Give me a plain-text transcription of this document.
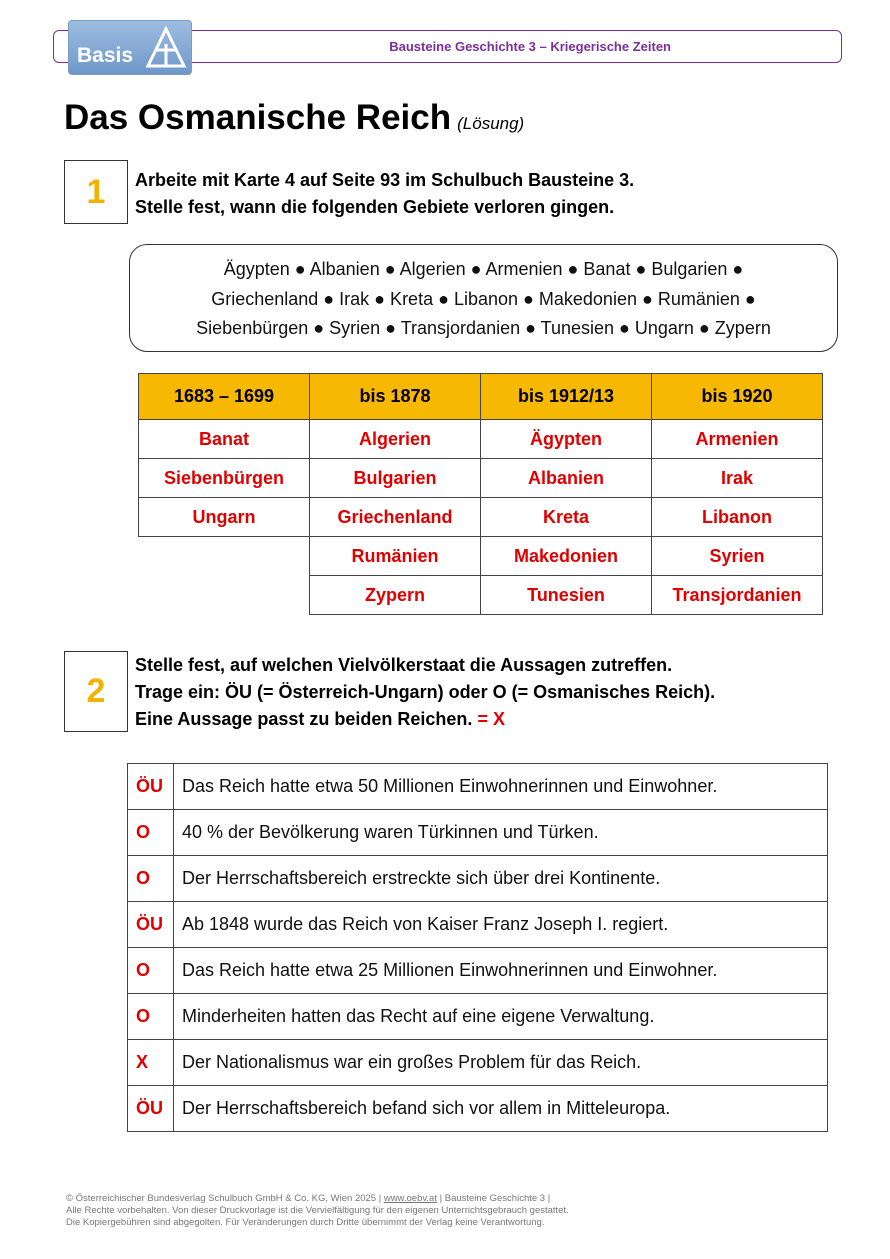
Bausteine Geschichte 3 – Kriegerische Zeiten
Basis
Das Osmanische Reich (Lösung)
1	Arbeite mit Karte 4 auf Seite 93 im Schulbuch Bausteine 3.
Stelle fest, wann die folgenden Gebiete verloren gingen.
Ägypten ● Albanien ● Algerien ● Armenien ● Banat ● Bulgarien ●
Griechenland ● Irak ● Kreta ● Libanon ● Makedonien ● Rumänien ●
Siebenbürgen ● Syrien ● Transjordanien ● Tunesien ● Ungarn ● Zypern
1683 – 1699	bis 1878	bis 1912/13	bis 1920
Banat	Algerien	Ägypten	Armenien
Siebenbürgen	Bulgarien	Albanien	Irak
Ungarn	Griechenland	Kreta	Libanon
	Rumänien	Makedonien	Syrien
	Zypern	Tunesien	Transjordanien
2
Stelle fest, auf welchen Vielvölkerstaat die Aussagen zutreffen.
Trage ein: ÖU (= Österreich-Ungarn) oder O (= Osmanisches Reich).
Eine Aussage passt zu beiden Reichen. = X
ÖU	Das Reich hatte etwa 50 Millionen Einwohnerinnen und Einwohner.
O	40 % der Bevölkerung waren Türkinnen und Türken.
O	Der Herrschaftsbereich erstreckte sich über drei Kontinente.
ÖU	Ab 1848 wurde das Reich von Kaiser Franz Joseph I. regiert.
O	Das Reich hatte etwa 25 Millionen Einwohnerinnen und Einwohner.
O	Minderheiten hatten das Recht auf eine eigene Verwaltung.
X	Der Nationalismus war ein großes Problem für das Reich.
ÖU	Der Herrschaftsbereich befand sich vor allem in Mitteleuropa.
© Österreichischer Bundesverlag Schulbuch GmbH & Co. KG, Wien 2025 | www.oebv.at | Bausteine Geschichte 3 |
Alle Rechte vorbehalten. Von dieser Druckvorlage ist die Vervielfältigung für den eigenen Unterrichtsgebrauch gestattet.
Die Kopiergebühren sind abgegolten. Für Veränderungen durch Dritte übernimmt der Verlag keine Verantwortung.
